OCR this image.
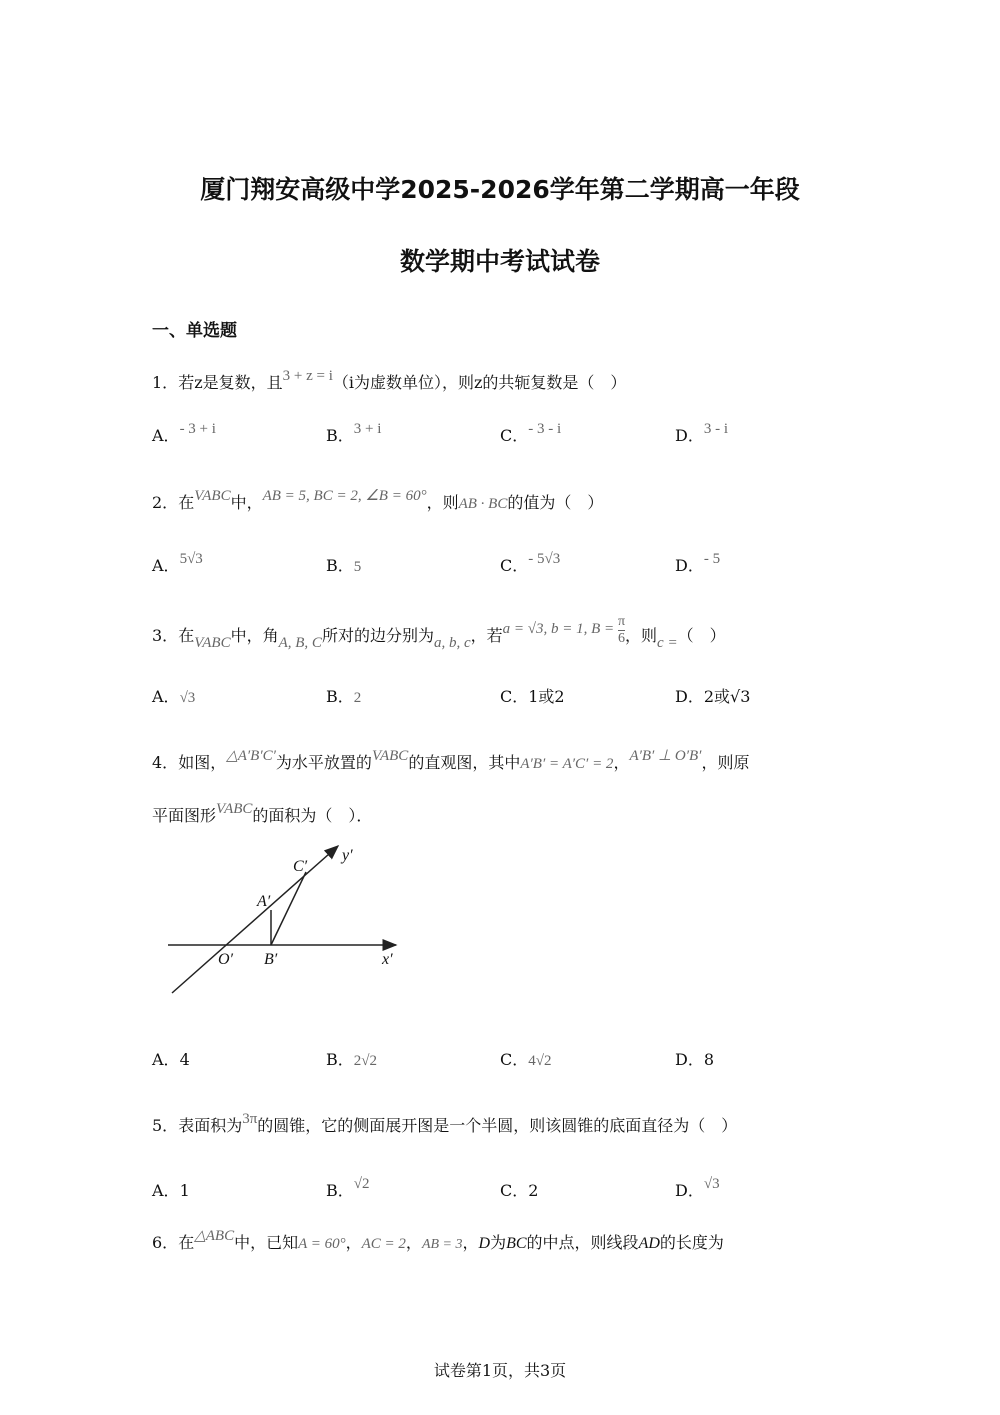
厦门翔安高级中学2025-2026学年第二学期高一年段
数学期中考试试卷
一、单选题
1．若z是复数，且3 + z = i（i为虚数单位），则z的共轭复数是（　）
A．- 3 + i	B．3 + i	C．- 3 - i	D．3 - i
2．在VABC中，AB = 5, BC = 2, ∠B = 60°，则AB · BC的值为（　）
A．5√3	B．5	C．- 5√3	D．- 5
3．在VABC中，角A, B, C所对的边分别为a, b, c，若a = √3, b = 1, $B = \frac{\pi}{6}$ ，则c =（　）
A．√3	B．2	C．1或2	D．2或√3
4．如图，△A′B′C′为水平放置的VABC的直观图，其中A′B′ = A′C′ = 2，A′B′ ⊥ O′B′，则原
平面图形VABC的面积为（　）．
y′
C′
A′
O′ B′	x′
A．4	B．2√2	C．4√2	D．8
5．表面积为3π的圆锥，它的侧面展开图是一个半圆，则该圆锥的底面直径为（　）
A．1	B．√2	C．2	D．√3
6．在△ABC中，已知A = 60°，AC = 2，AB = 3，D为BC的中点，则线段AD的长度为
试卷第1页，共3页
